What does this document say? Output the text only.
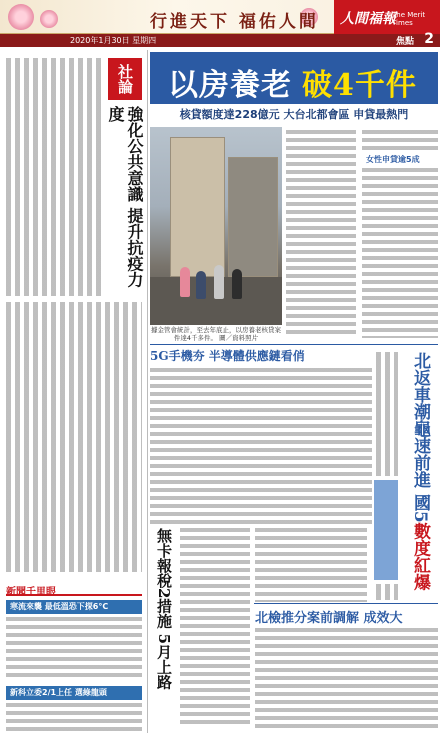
行進天下 福佑人間 人間福報
The Merit Times
2020年1月30日 星期四	焦點 2
社論
強化公共意識 提升抗疫力度
新聞千里眼
寒流來襲 最低溫恐下探6°C
新科立委2/1上任 選綠龍頭
以房養老 破4千件
核貸額度達228億元 大台北都會區 申貸最熱門
據金管會統計，至去年底止，以房養老核貸案件達4千多件。 圖／資料照片
女性申貸逾5成
5G手機夯 半導體供應鏈看俏
無卡報稅2措施 5月上路
北返車潮龜速前進 國5數度紅爆
北檢推分案前調解 成效大
